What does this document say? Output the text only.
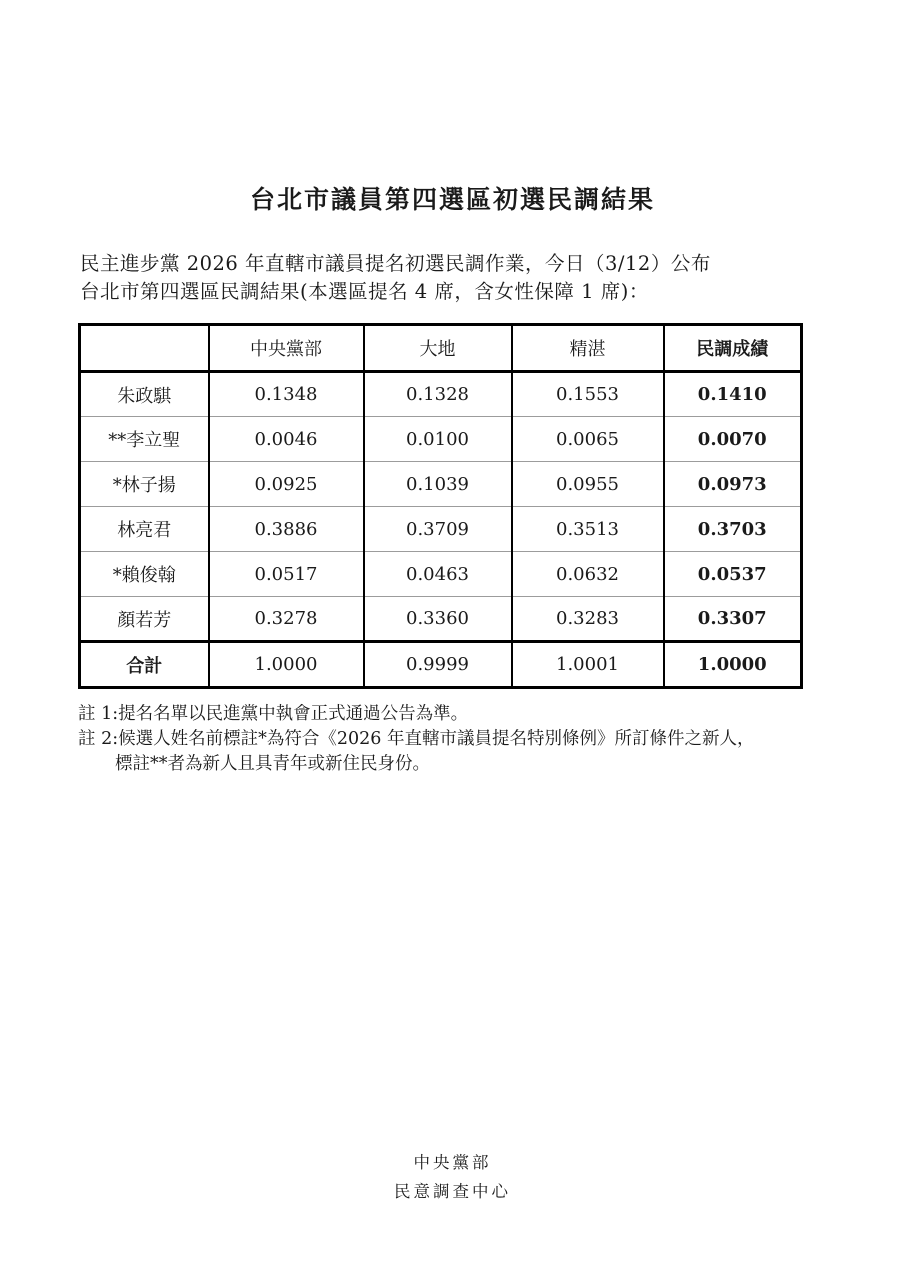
台北市議員第四選區初選民調結果

民主進步黨 2026 年直轄市議員提名初選民調作業，今日（3/12）公布
台北市第四選區民調結果(本選區提名 4 席，含女性保障 1 席)：

	中央黨部	大地	精湛	民調成績
朱政騏	0.1348	0.1328	0.1553	0.1410
**李立聖	0.0046	0.0100	0.0065	0.0070
*林子揚	0.0925	0.1039	0.0955	0.0973
林亮君	0.3886	0.3709	0.3513	0.3703
*賴俊翰	0.0517	0.0463	0.0632	0.0537
顏若芳	0.3278	0.3360	0.3283	0.3307
合計	1.0000	0.9999	1.0001	1.0000
註 1:提名名單以民進黨中執會正式通過公告為準。
註 2:候選人姓名前標註*為符合《2026 年直轄市議員提名特別條例》所訂條件之新人，
標註**者為新人且具青年或新住民身份。
中央黨部
民意調查中心
